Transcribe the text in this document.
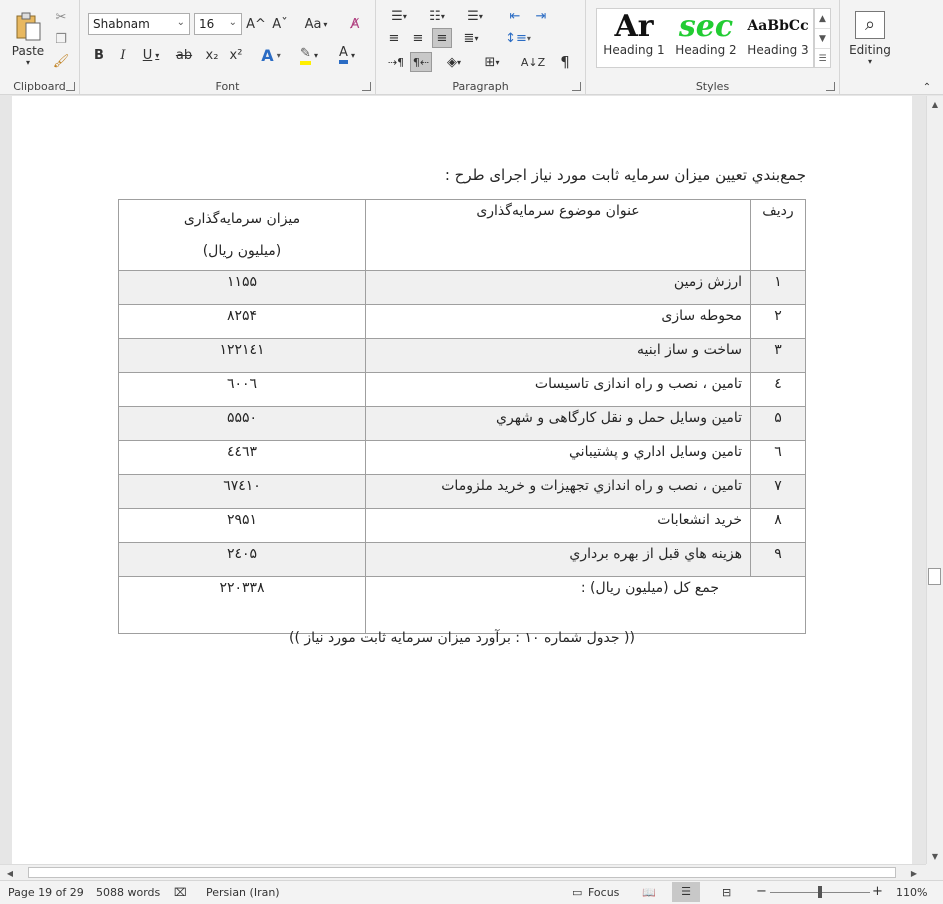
Paste
▾
✂
❐
🖌
Clipboard
Shabnam	⌄ 16 ⌄ A^ Aˇ Aa ▾ A̸
B I U ▾ ab x₂ x² A ▾ ✎ ▾ A ▾
Font
☰ ▾ ☷ ▾ ☰ ▾ ⇤ ⇥
≡ ≡ ≡ ≣ ▾ ↕≡ ▾
⇢¶ ¶⇠ ◈ ▾ ⊞ ▾ A↓Z ¶
Paragraph	Styles
Ar
Heading 1
sec
Heading 2
AaBbCc
Heading 3
▲
▼
☰
⌕
Editing
▾
⌃
جمع‌بندي تعيين ميزان سرمايه ثابت مورد نياز اجراى طرح :
رديف	عنوان موضوع سرمايه‌گذارى	ميزان سرمايه‌گذارى
(ميليون ريال)

۱	ارزش زمين	۱۱۵۵
۲	محوطه سازى	۸۲۵۴
۳	ساخت و ساز ابنيه	۱۲۲۱٤۱
٤	تامين ، نصب و راه اندازى تاسيسات	٦۰۰٦
۵	تامين وسايل حمل و نقل كارگاهى و شهري	۵۵۵۰
٦	تامين وسايل اداري و پشتيباني	٤٤٦۳
۷	تامين ، نصب و راه اندازي تجهيزات و خريد ملزومات	٦۷٤۱۰
۸	خريد انشعابات	۲۹۵۱
۹	هزينه هاي قبل از بهره برداري	۲٤۰۵
جمع كل (ميليون ريال) :		۲۲۰۳۳۸
(( جدول شماره ۱۰ : برآورد ميزان سرمايه ثابت مورد نياز ))
▲
▼
◀	▶
Page 19 of 29 5088 words ⌧ Persian (Iran)	▭ Focus 📖	☰	⊟ −	+ 110%
